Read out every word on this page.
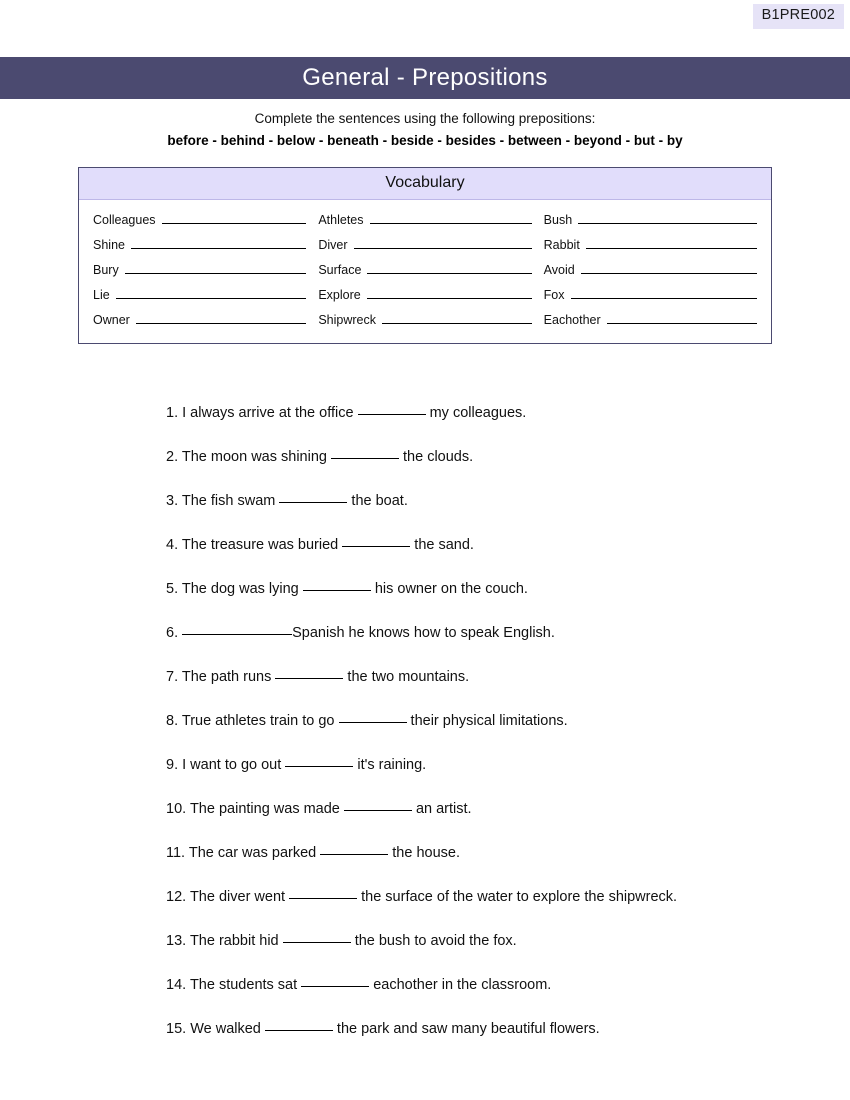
B1PRE002
General - Prepositions
Complete the sentences using the following prepositions:
before - behind - below - beneath - beside - besides - between - beyond - but - by
Vocabulary
Colleagues	Athletes	Bush
Shine	Diver	Rabbit
Bury	Surface	Avoid
Lie	Explore	Fox
Owner	Shipwreck	Eachother
1. I always arrive at the office	my colleagues.
2. The moon was shining	the clouds.
3. The fish swam	the boat.
4. The treasure was buried	the sand.
5. The dog was lying	his owner on the couch.
6.	Spanish he knows how to speak English.
7. The path runs	the two mountains.
8. True athletes train to go	their physical limitations.
9. I want to go out	it's raining.
10. The painting was made	an artist.
11. The car was parked	the house.
12. The diver went	the surface of the water to explore the shipwreck.
13. The rabbit hid	the bush to avoid the fox.
14. The students sat	eachother in the classroom.
15. We walked	the park and saw many beautiful flowers.
